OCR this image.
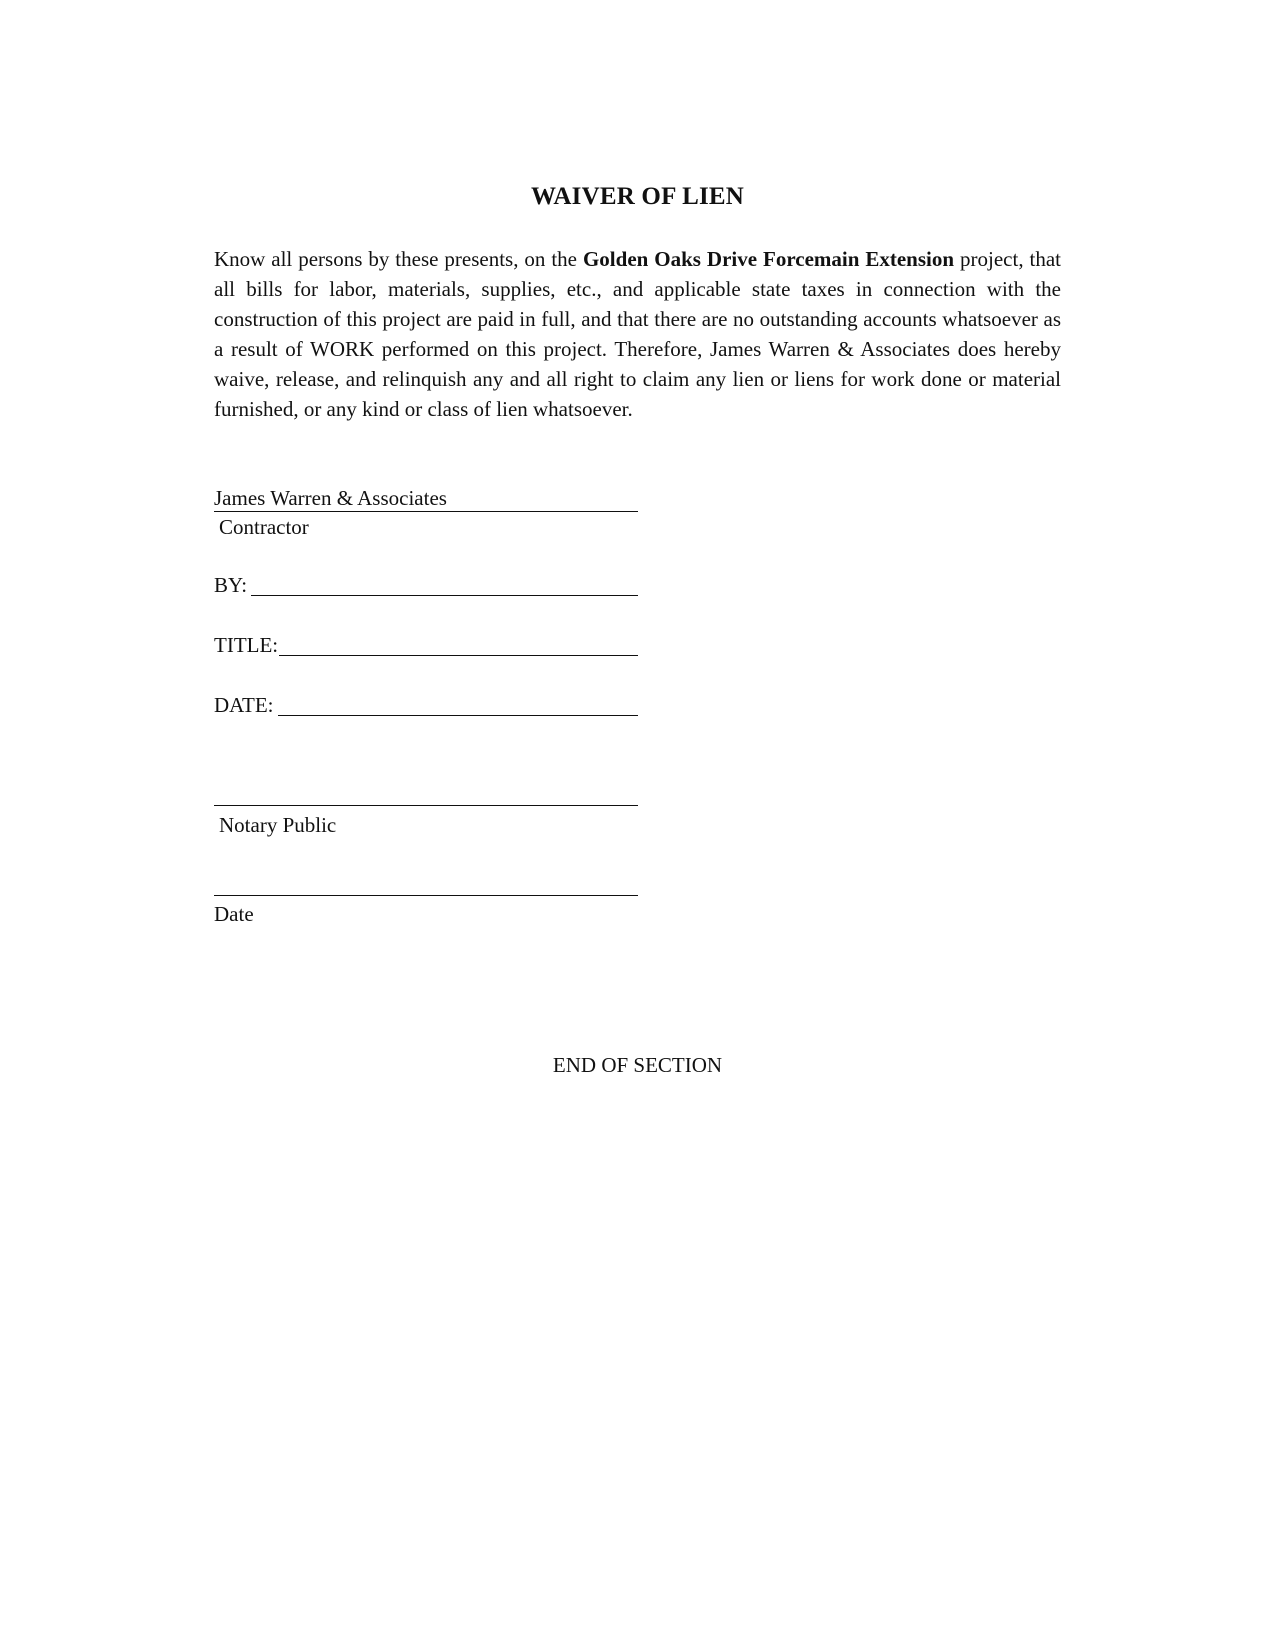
WAIVER OF LIEN

Know all persons by these presents, on the Golden Oaks Drive Forcemain Extension project, that all bills for labor, materials, supplies, etc., and applicable state taxes in connection with the construction of this project are paid in full, and that there are no outstanding accounts whatsoever as a result of WORK performed on this project. Therefore, James Warren & Associates does hereby waive, release, and relinquish any and all right to claim any lien or liens for work done or material furnished, or any kind or class of lien whatsoever.

James Warren & Associates
Contractor
BY:
TITLE:
DATE:
Notary Public
Date
END OF SECTION
